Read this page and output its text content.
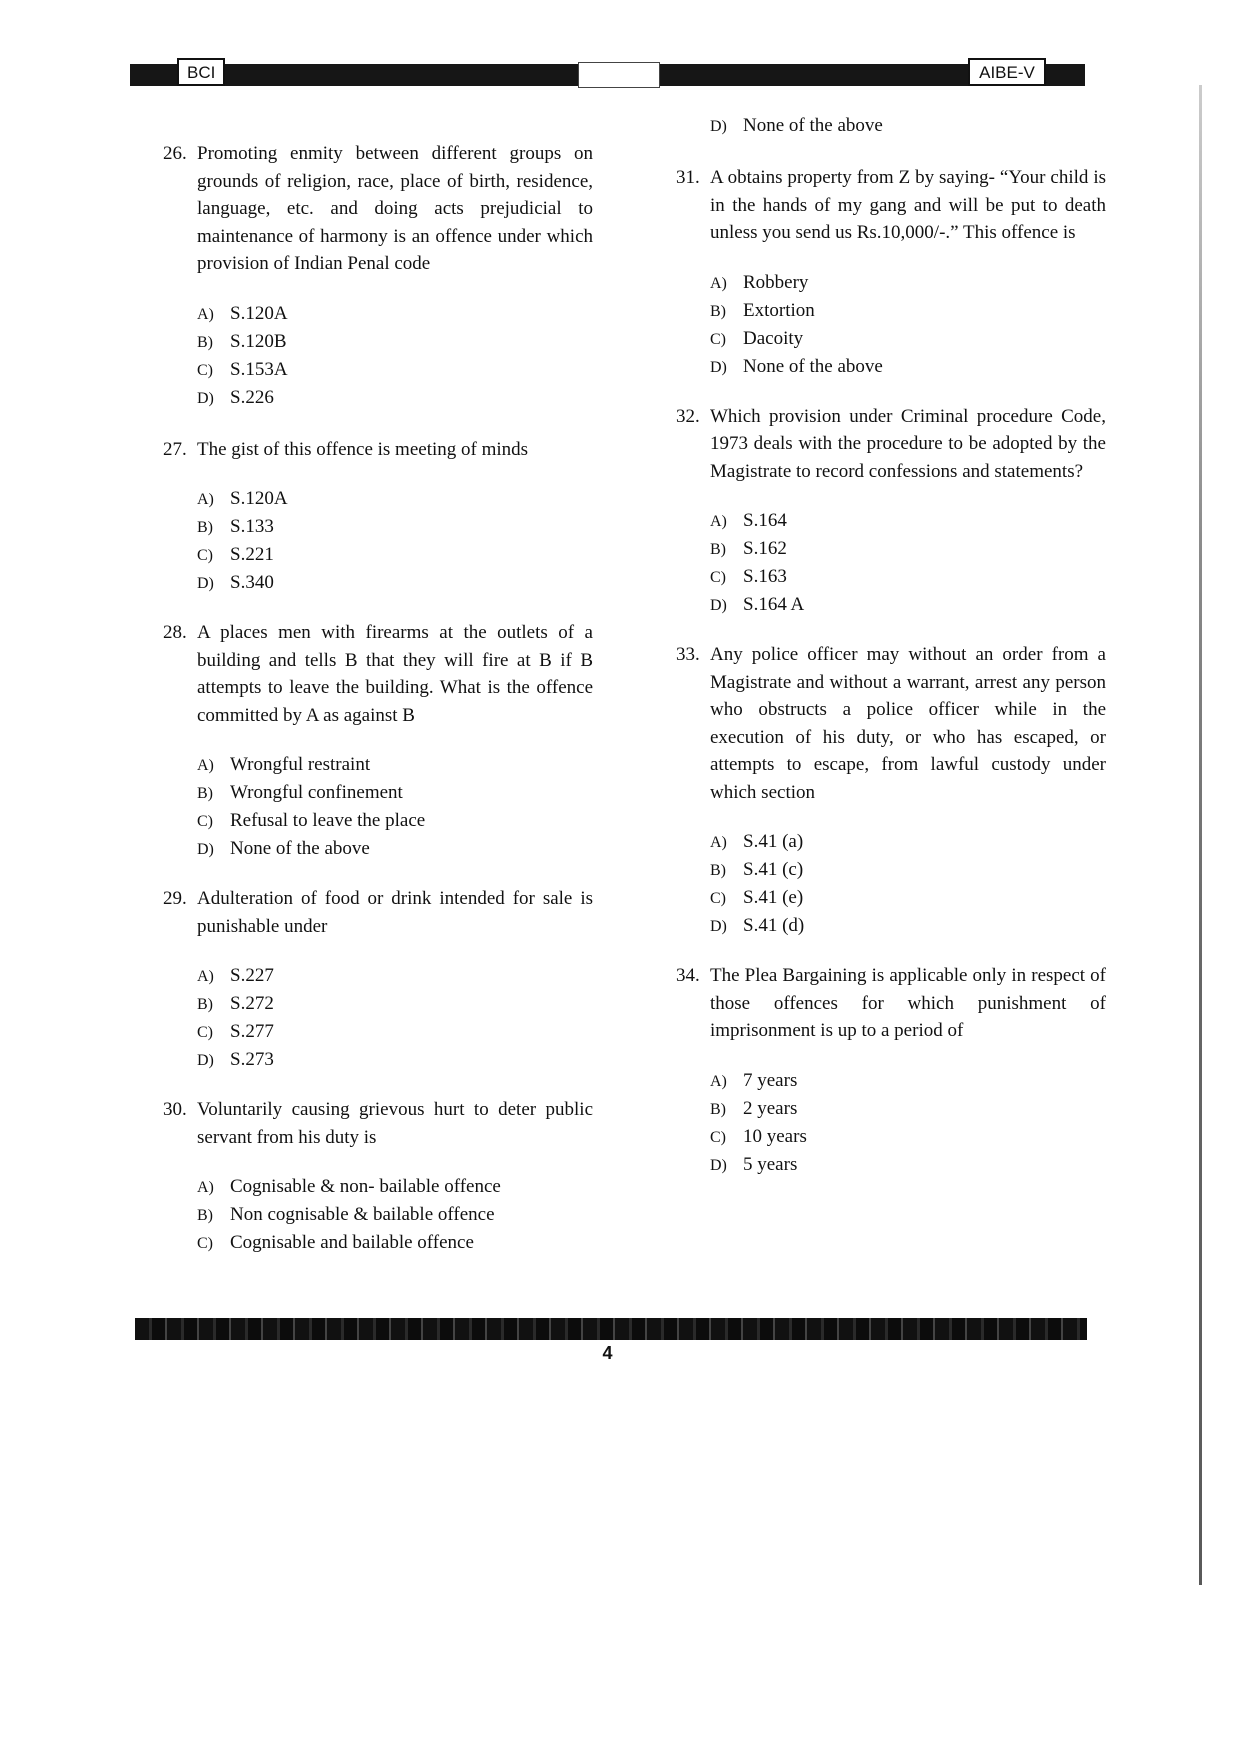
BCI	AIBE-V
26. Promoting enmity between different groups on grounds of religion, race, place of birth, residence, language, etc. and doing acts prejudicial to maintenance of harmony is an offence under which provision of Indian Penal code
A) S.120A
B) S.120B
C) S.153A
D) S.226
27. The gist of this offence is meeting of minds
A) S.120A
B) S.133
C) S.221
D) S.340
28. A places men with firearms at the outlets of a building and tells B that they will fire at B if B attempts to leave the building. What is the offence committed by A as against B
A) Wrongful restraint
B) Wrongful confinement
C) Refusal to leave the place
D) None of the above
29. Adulteration of food or drink intended for sale is punishable under
A) S.227
B) S.272
C) S.277
D) S.273
30. Voluntarily causing grievous hurt to deter public servant from his duty is
A) Cognisable & non- bailable offence
B) Non cognisable & bailable offence
C) Cognisable and bailable offence
D) None of the above
31. A obtains property from Z by saying- “Your child is in the hands of my gang and will be put to death unless you send us Rs.10,000/-.” This offence is
A) Robbery
B) Extortion
C) Dacoity
D) None of the above
32. Which provision under Criminal procedure Code, 1973 deals with the procedure to be adopted by the Magistrate to record confessions and statements?
A) S.164
B) S.162
C) S.163
D) S.164 A
33. Any police officer may without an order from a Magistrate and without a warrant, arrest any person who obstructs a police officer while in the execution of his duty, or who has escaped, or attempts to escape, from lawful custody under which section
A) S.41 (a)
B) S.41 (c)
C) S.41 (e)
D) S.41 (d)
34. The Plea Bargaining is applicable only in respect of those offences for which punishment of imprisonment is up to a period of
A) 7 years
B) 2 years
C) 10 years
D) 5 years
4
